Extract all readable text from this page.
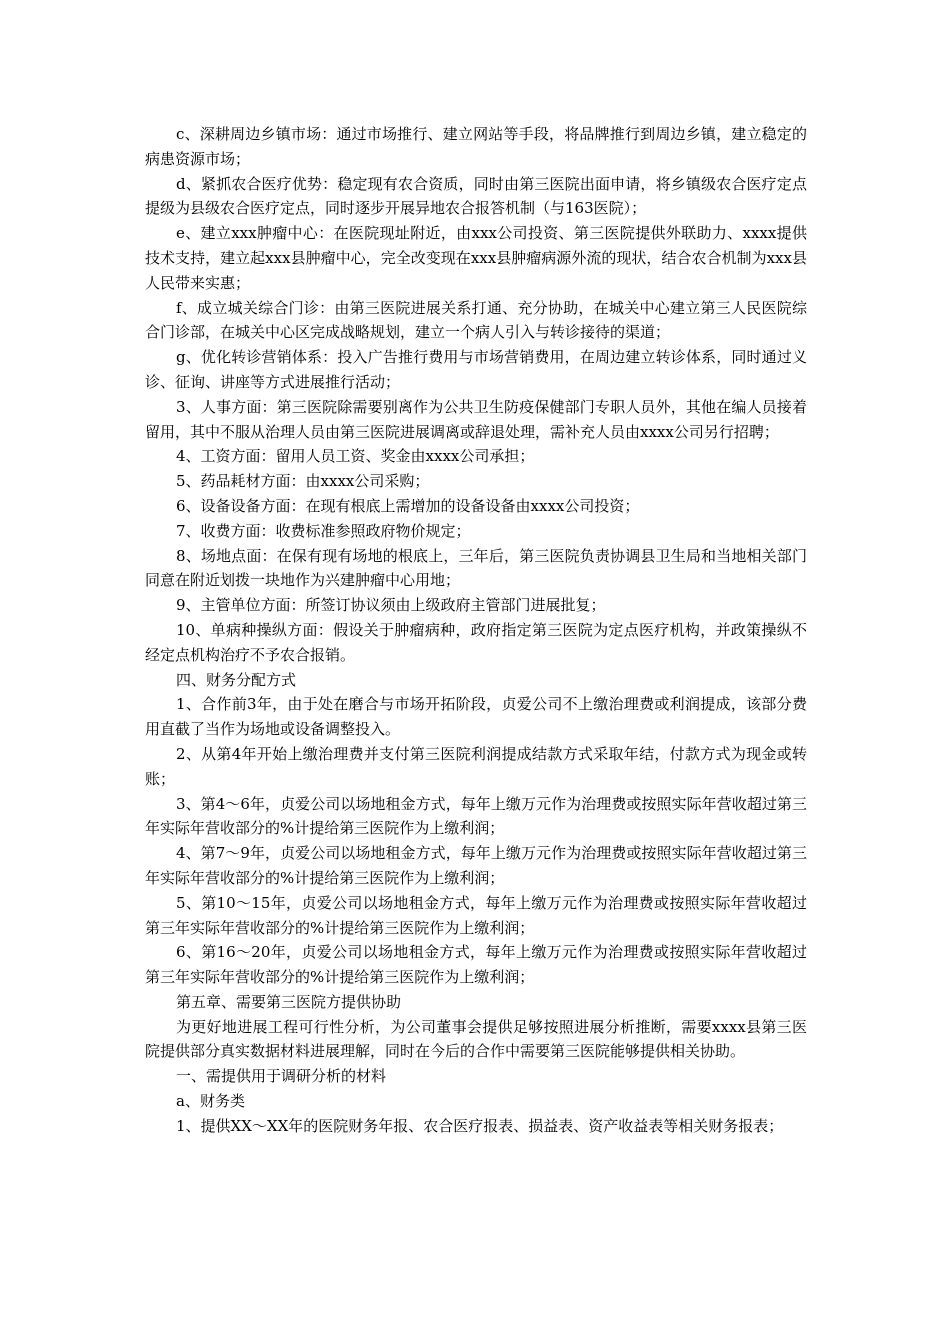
c、深耕周边乡镇市场：通过市场推行、建立网站等手段，将品牌推行到周边乡镇，建立稳定的病患资源市场；

d、紧抓农合医疗优势：稳定现有农合资质，同时由第三医院出面申请，将乡镇级农合医疗定点提级为县级农合医疗定点，同时逐步开展异地农合报答机制（与163医院）；

e、建立xxx肿瘤中心：在医院现址附近，由xxx公司投资、第三医院提供外联助力、xxxx提供技术支持，建立起xxx县肿瘤中心，完全改变现在xxx县肿瘤病源外流的现状，结合农合机制为xxx县人民带来实惠；

f、成立城关综合门诊：由第三医院进展关系打通、充分协助，在城关中心建立第三人民医院综合门诊部，在城关中心区完成战略规划，建立一个病人引入与转诊接待的渠道；

g、优化转诊营销体系：投入广告推行费用与市场营销费用，在周边建立转诊体系，同时通过义诊、征询、讲座等方式进展推行活动；

3、人事方面：第三医院除需要别离作为公共卫生防疫保健部门专职人员外，其他在编人员接着留用，其中不服从治理人员由第三医院进展调离或辞退处理，需补充人员由xxxx公司另行招聘；

4、工资方面：留用人员工资、奖金由xxxx公司承担；

5、药品耗材方面：由xxxx公司采购；

6、设备设备方面：在现有根底上需增加的设备设备由xxxx公司投资；

7、收费方面：收费标准参照政府物价规定；

8、场地点面：在保有现有场地的根底上，三年后，第三医院负责协调县卫生局和当地相关部门同意在附近划拨一块地作为兴建肿瘤中心用地；

9、主管单位方面：所签订协议须由上级政府主管部门进展批复；

10、单病种操纵方面：假设关于肿瘤病种，政府指定第三医院为定点医疗机构，并政策操纵不经定点机构治疗不予农合报销。

四、财务分配方式

1、合作前3年，由于处在磨合与市场开拓阶段，贞爱公司不上缴治理费或利润提成，该部分费用直截了当作为场地或设备调整投入。

2、从第4年开始上缴治理费并支付第三医院利润提成结款方式采取年结，付款方式为现金或转账；

3、第4～6年，贞爱公司以场地租金方式，每年上缴万元作为治理费或按照实际年营收超过第三年实际年营收部分的%计提给第三医院作为上缴利润；

4、第7～9年，贞爱公司以场地租金方式，每年上缴万元作为治理费或按照实际年营收超过第三年实际年营收部分的%计提给第三医院作为上缴利润；

5、第10～15年，贞爱公司以场地租金方式，每年上缴万元作为治理费或按照实际年营收超过第三年实际年营收部分的%计提给第三医院作为上缴利润；

6、第16～20年，贞爱公司以场地租金方式，每年上缴万元作为治理费或按照实际年营收超过第三年实际年营收部分的%计提给第三医院作为上缴利润；

第五章、需要第三医院方提供协助

为更好地进展工程可行性分析，为公司董事会提供足够按照进展分析推断，需要xxxx县第三医院提供部分真实数据材料进展理解，同时在今后的合作中需要第三医院能够提供相关协助。

一、需提供用于调研分析的材料

a、财务类

1、提供XX～XX年的医院财务年报、农合医疗报表、损益表、资产收益表等相关财务报表；
